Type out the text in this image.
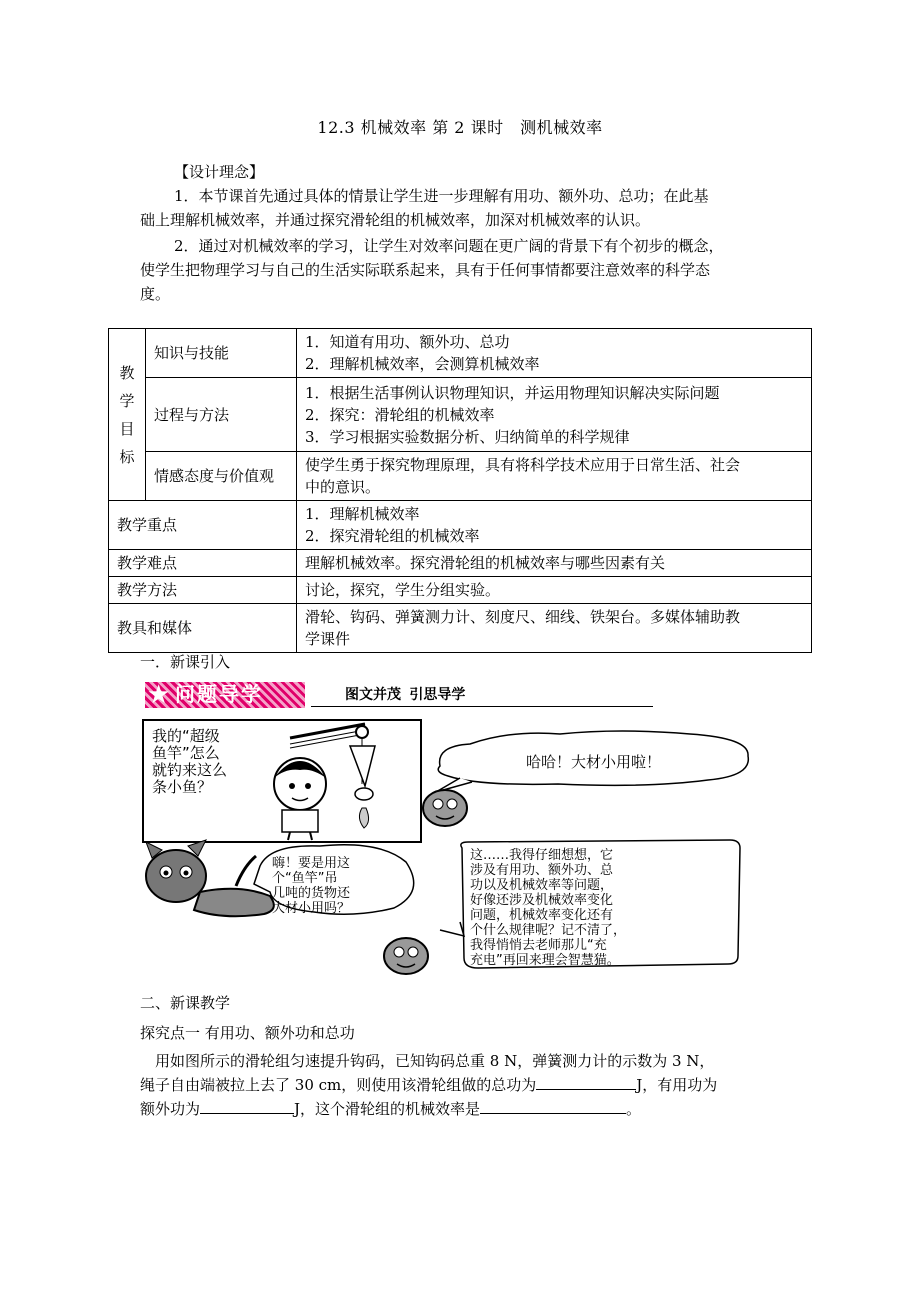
12.3 机械效率 第 2 课时　测机械效率
【设计理念】
1．本节课首先通过具体的情景让学生进一步理解有用功、额外功、总功；在此基
础上理解机械效率，并通过探究滑轮组的机械效率，加深对机械效率的认识。
2．通过对机械效率的学习，让学生对效率问题在更广阔的背景下有个初步的概念，
使学生把物理学习与自己的生活实际联系起来，具有于任何事情都要注意效率的科学态
度。
教
学
目
标	知识与技能	1．知道有用功、额外功、总功
2．理解机械效率，会测算机械效率

	过程与方法	1．根据生活事例认识物理知识，并运用物理知识解决实际问题
2．探究：滑轮组的机械效率
3．学习根据实验数据分析、归纳简单的科学规律

	情感态度与价值观	使学生勇于探究物理原理，具有将科学技术应用于日常生活、社会
中的意识。

教学重点		1．理解机械效率
2．探究滑轮组的机械效率

教学难点		理解机械效率。探究滑轮组的机械效率与哪些因素有关

教学方法		讨论，探究，学生分组实验。

教具和媒体		滑轮、钩码、弹簧测力计、刻度尺、细线、铁架台。多媒体辅助教
学课件
一．新课引入
★ 问题导学	图文并茂 引思导学
我的“超级
鱼竿”怎么
就钓来这么
条小鱼？
哈哈！大材小用啦！
嗨！要是用这
个“鱼竿”吊
几吨的货物还
大材小用吗？
这……我得仔细想想，它
涉及有用功、额外功、总
功以及机械效率等问题，
好像还涉及机械效率变化
问题，机械效率变化还有
个什么规律呢？记不清了，
我得悄悄去老师那儿“充
充电”再回来理会智慧猫。
二、新课教学
探究点一 有用功、额外功和总功
用如图所示的滑轮组匀速提升钩码，已知钩码总重 8 N，弹簧测力计的示数为 3 N，
绳子自由端被拉上去了 30 cm，则使用该滑轮组做的总功为	J，有用功为
额外功为	J，这个滑轮组的机械效率是	。
